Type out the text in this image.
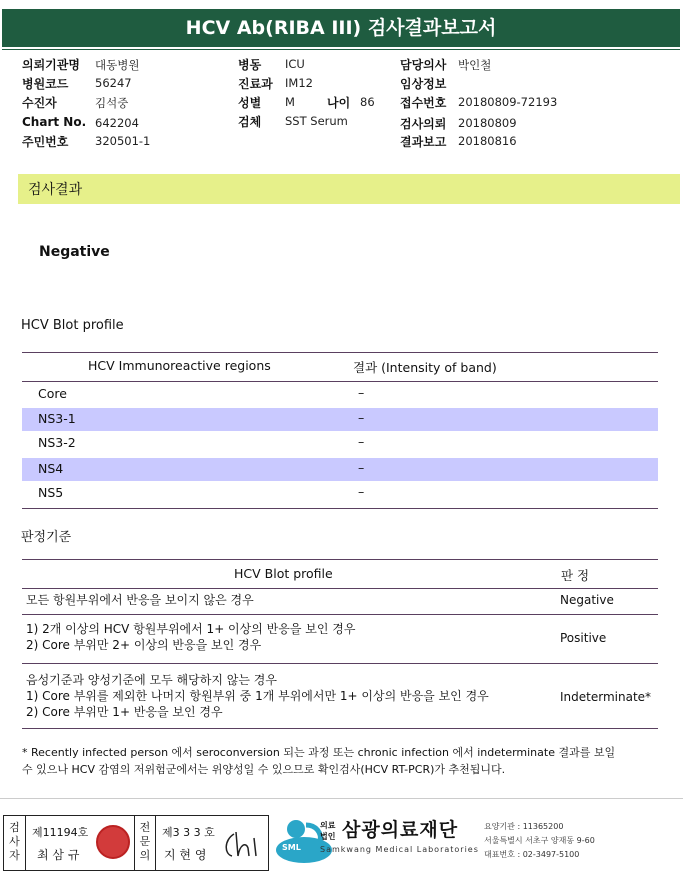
HCV Ab(RIBA III) 검사결과보고서
의뢰기관명 대동병원
병원코드 56247
수진자	김석중
Chart No. 642204
주민번호 320501-1
병동 ICU
진료과 IM12
성별 M	나이 86
검체 SST Serum
담당의사 박인철
임상정보
접수번호 20180809-72193
검사의뢰 20180809
결과보고 20180816
검사결과
Negative
HCV Blot profile
HCV Immunoreactive regions	결과 (Intensity of band)
Core	–
NS3-1	–
NS3-2	–
NS4	–
NS5	–
판정기준
HCV Blot profile	판 정
모든 항원부위에서 반응을 보이지 않은 경우	Negative
1) 2개 이상의 HCV 항원부위에서 1+ 이상의 반응을 보인 경우
2) Core 부위만 2+ 이상의 반응을 보인 경우	Positive
음성기준과 양성기준에 모두 해당하지 않는 경우
1) Core 부위를 제외한 나머지 항원부위 중 1개 부위에서만 1+ 이상의 반응을 보인 경우
2) Core 부위만 1+ 반응을 보인 경우
Indeterminate*
* Recently infected person 에서 seroconversion 되는 과정 또는 chronic infection 에서 indeterminate 결과를 보일
수 있으나 HCV 감염의 저위험군에서는 위양성일 수 있으므로 확인검사(HCV RT-PCR)가 추천됩니다.
검사자
제11194호
최 삼 규
전문의
제3 3 3 호
지 현 영
SML
의료
법인 삼광의료재단
Samkwang Medical Laboratories
요양기관 : 11365200
서울특별시 서초구 양재동 9-60
대표번호 : 02-3497-5100
